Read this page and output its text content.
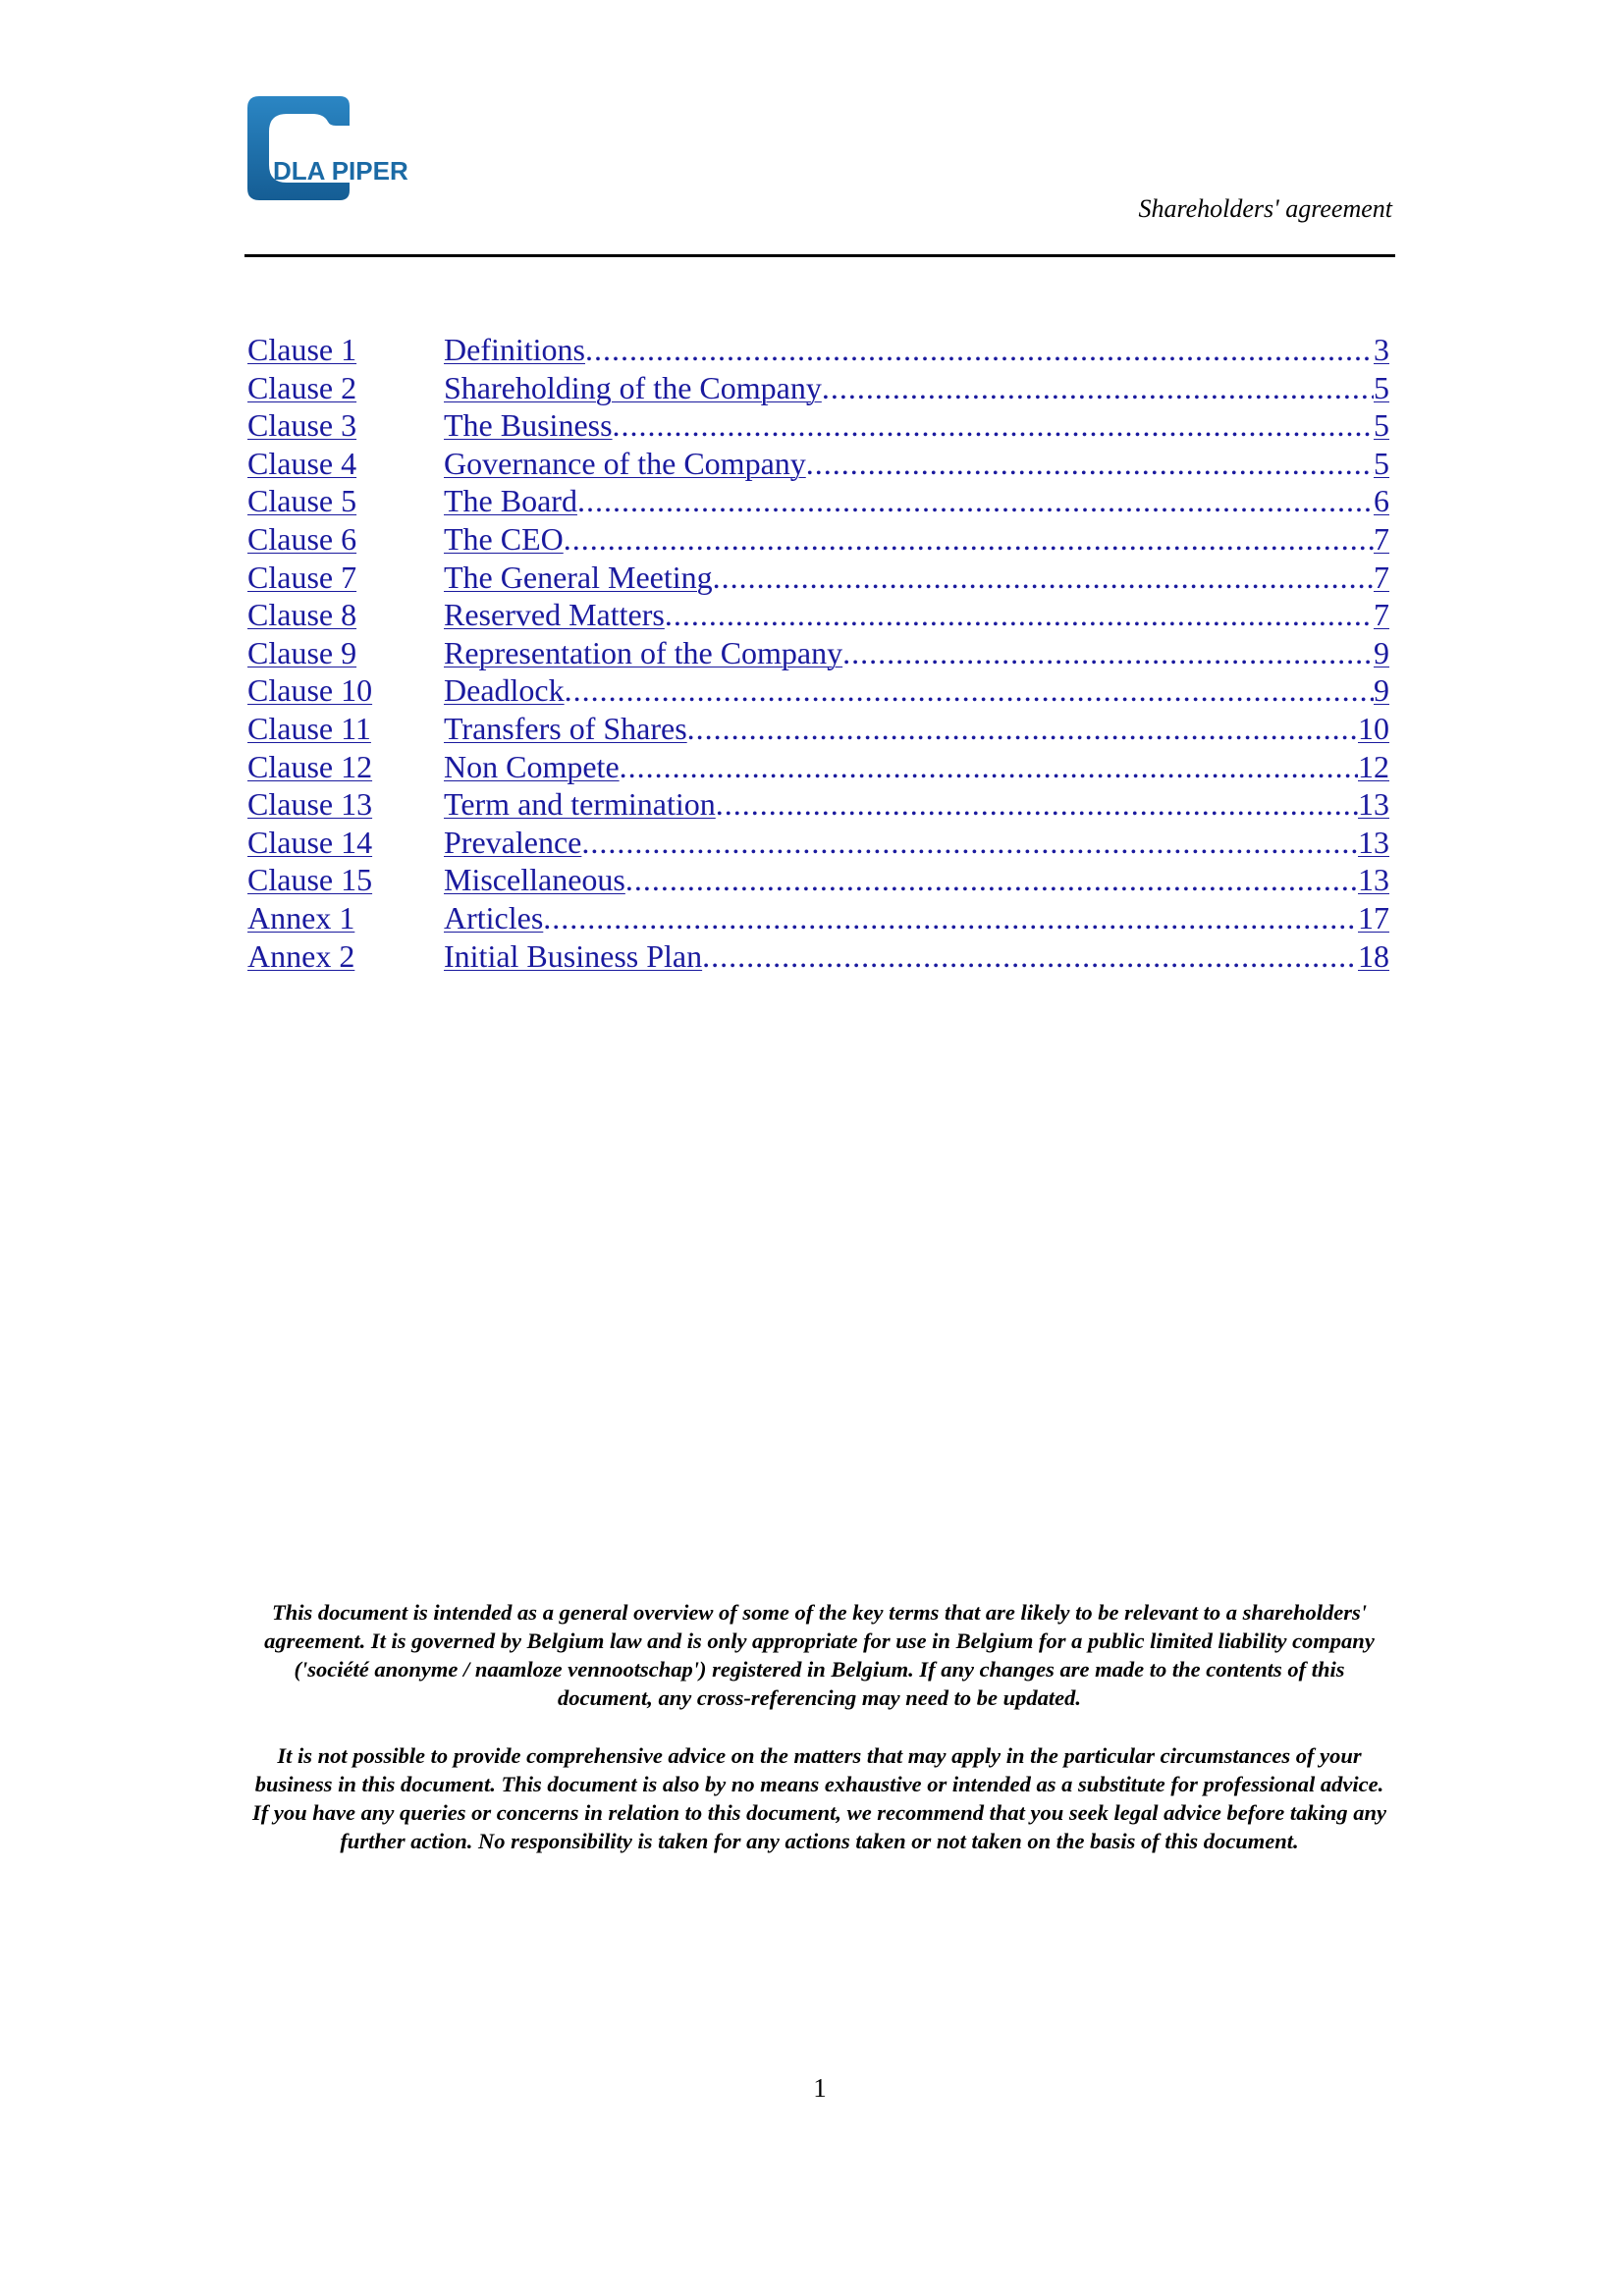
DLA PIPER
Shareholders' agreement
Clause 1	Definitions .....	3
Clause 2	Shareholding of the Company .....	5
Clause 3	The Business .....	5
Clause 4	Governance of the Company .....	5
Clause 5	The Board .....	6
Clause 6	The CEO .....	7
Clause 7	The General Meeting .....	7
Clause 8	Reserved Matters .....	7
Clause 9	Representation of the Company .....	9
Clause 10	Deadlock .....	9
Clause 11	Transfers of Shares .....	10
Clause 12	Non Compete .....	12
Clause 13	Term and termination .....	13
Clause 14	Prevalence .....	13
Clause 15	Miscellaneous .....	13
Annex 1	Articles .....	17
Annex 2	Initial Business Plan .....	18

This document is intended as a general overview of some of the key terms that are likely to be relevant to a shareholders' agreement. It is governed by Belgium law and is only appropriate for use in Belgium for a public limited liability company ('société anonyme / naamloze vennootschap') registered in Belgium. If any changes are made to the contents of this document, any cross-referencing may need to be updated.

It is not possible to provide comprehensive advice on the matters that may apply in the particular circumstances of your business in this document. This document is also by no means exhaustive or intended as a substitute for professional advice. If you have any queries or concerns in relation to this document, we recommend that you seek legal advice before taking any further action. No responsibility is taken for any actions taken or not taken on the basis of this document.

1
